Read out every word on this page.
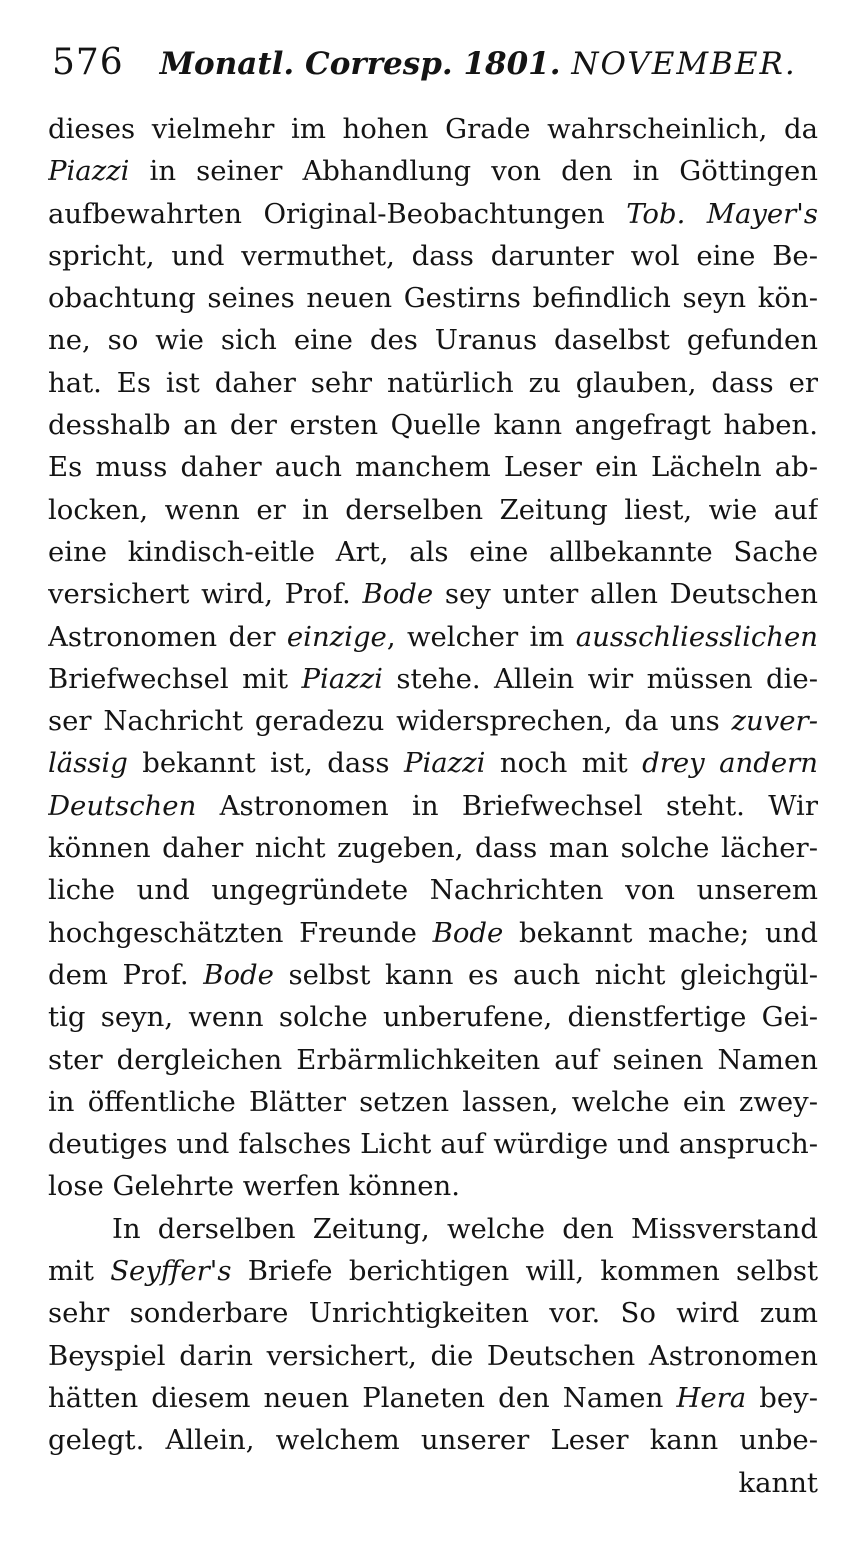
576 Monatl. Corresp. 1801. NOVEMBER.
dieses vielmehr im hohen Grade wahrscheinlich, da
Piazzi in seiner Abhandlung von den in Göttingen
aufbewahrten Original-Beobachtungen Tob. Mayer's
spricht, und vermuthet, dass darunter wol eine Be-
obachtung seines neuen Gestirns befindlich seyn kön-
ne, so wie sich eine des Uranus daselbst gefunden
hat. Es ist daher sehr natürlich zu glauben, dass er
desshalb an der ersten Quelle kann angefragt haben.
Es muss daher auch manchem Leser ein Lächeln ab-
locken, wenn er in derselben Zeitung liest, wie auf
eine kindisch-eitle Art, als eine allbekannte Sache
versichert wird, Prof. Bode sey unter allen Deutschen
Astronomen der einzige, welcher im ausschliesslichen
Briefwechsel mit Piazzi stehe. Allein wir müssen die-
ser Nachricht geradezu widersprechen, da uns zuver-
lässig bekannt ist, dass Piazzi noch mit drey andern
Deutschen Astronomen in Briefwechsel steht. Wir
können daher nicht zugeben, dass man solche lächer-
liche und ungegründete Nachrichten von unserem
hochgeschätzten Freunde Bode bekannt mache; und
dem Prof. Bode selbst kann es auch nicht gleichgül-
tig seyn, wenn solche unberufene, dienstfertige Gei-
ster dergleichen Erbärmlichkeiten auf seinen Namen
in öffentliche Blätter setzen lassen, welche ein zwey-
deutiges und falsches Licht auf würdige und anspruch-
lose Gelehrte werfen können.
In derselben Zeitung, welche den Missverstand
mit Seyffer's Briefe berichtigen will, kommen selbst
sehr sonderbare Unrichtigkeiten vor. So wird zum
Beyspiel darin versichert, die Deutschen Astronomen
hätten diesem neuen Planeten den Namen Hera bey-
gelegt. Allein, welchem unserer Leser kann unbe-
kannt
